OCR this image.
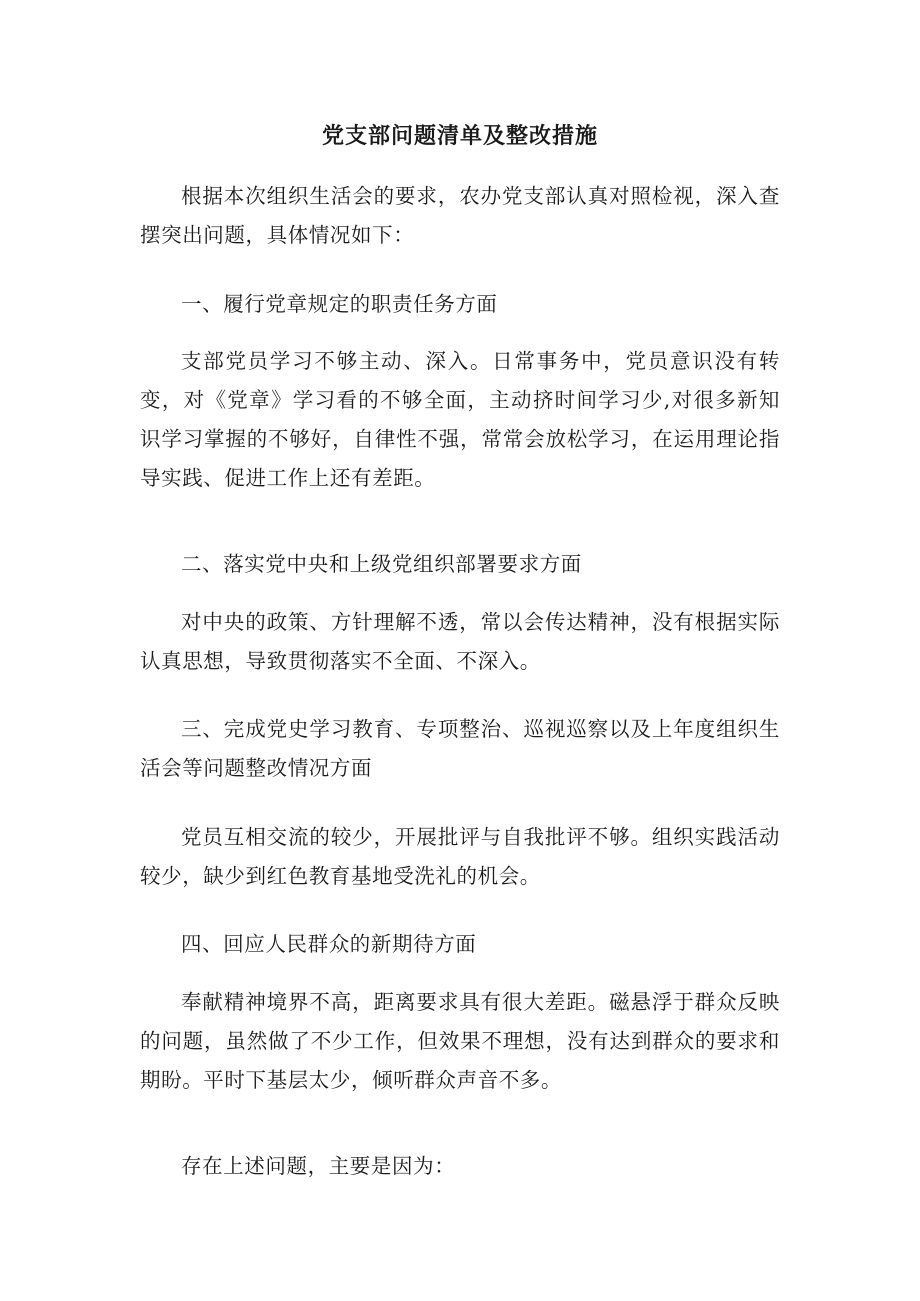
党支部问题清单及整改措施

根据本次组织生活会的要求，农办党支部认真对照检视，深入查摆突出问题，具体情况如下：

一、履行党章规定的职责任务方面

支部党员学习不够主动、深入。日常事务中，党员意识没有转变，对《党章》学习看的不够全面，主动挤时间学习少,对很多新知识学习掌握的不够好，自律性不强，常常会放松学习，在运用理论指导实践、促进工作上还有差距。

二、落实党中央和上级党组织部署要求方面

对中央的政策、方针理解不透，常以会传达精神，没有根据实际认真思想，导致贯彻落实不全面、不深入。

三、完成党史学习教育、专项整治、巡视巡察以及上年度组织生活会等问题整改情况方面

党员互相交流的较少，开展批评与自我批评不够。组织实践活动较少，缺少到红色教育基地受洗礼的机会。

四、回应人民群众的新期待方面

奉献精神境界不高，距离要求具有很大差距。磁悬浮于群众反映的问题，虽然做了不少工作，但效果不理想，没有达到群众的要求和期盼。平时下基层太少，倾听群众声音不多。

存在上述问题，主要是因为：
